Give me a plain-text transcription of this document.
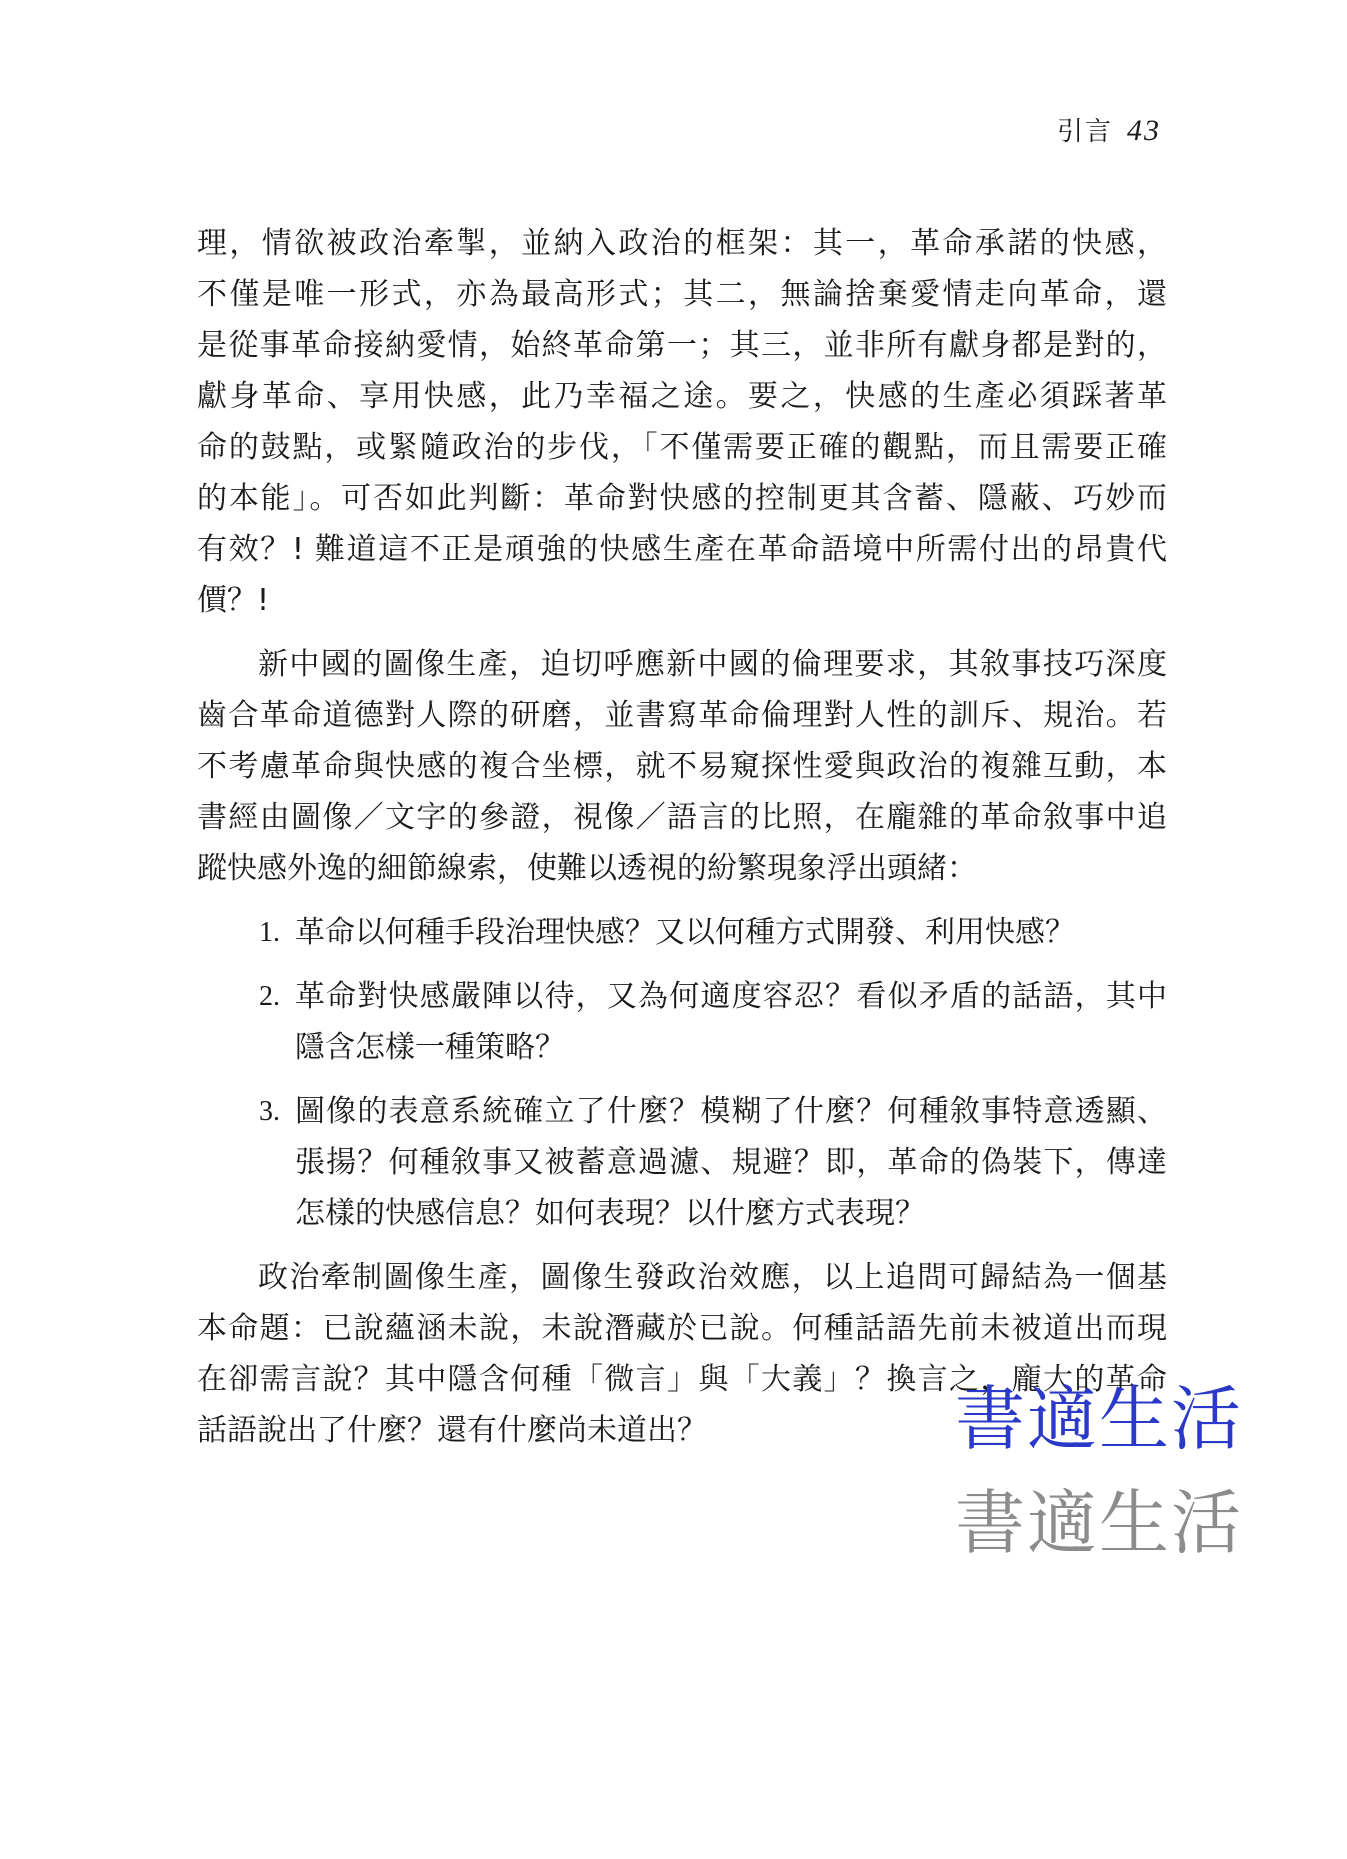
引言 43

理，情欲被政治牽掣，並納入政治的框架：其一，革命承諾的快感，

不僅是唯一形式，亦為最高形式；其二，無論捨棄愛情走向革命，還

是從事革命接納愛情，始終革命第一；其三，並非所有獻身都是對的，

獻身革命、享用快感，此乃幸福之途。要之，快感的生產必須踩著革

命的鼓點，或緊隨政治的步伐，「不僅需要正確的觀點，而且需要正確

的本能」。可否如此判斷：革命對快感的控制更其含蓄、隱蔽、巧妙而

有效？! 難道這不正是頑強的快感生產在革命語境中所需付出的昂貴代

價？!

新中國的圖像生產，迫切呼應新中國的倫理要求，其敘事技巧深度

齒合革命道德對人際的研磨，並書寫革命倫理對人性的訓斥、規治。若

不考慮革命與快感的複合坐標，就不易窺探性愛與政治的複雜互動，本

書經由圖像／文字的參證，視像／語言的比照，在龐雜的革命敘事中追

蹤快感外逸的細節線索，使難以透視的紛繁現象浮出頭緒：

1. 革命以何種手段治理快感？又以何種方式開發、利用快感？

2. 革命對快感嚴陣以待，又為何適度容忍？看似矛盾的話語，其中

隱含怎樣一種策略？

3. 圖像的表意系統確立了什麼？模糊了什麼？何種敘事特意透顯、

張揚？何種敘事又被蓄意過濾、規避？即，革命的偽裝下，傳達

怎樣的快感信息？如何表現？以什麼方式表現？

政治牽制圖像生產，圖像生發政治效應，以上追問可歸結為一個基

本命題：已說蘊涵未說，未說潛藏於已說。何種話語先前未被道出而現

在卻需言說？其中隱含何種「微言」與「大義」？換言之，龐大的革命

話語說出了什麼？還有什麼尚未道出？	書適生活
書適生活
